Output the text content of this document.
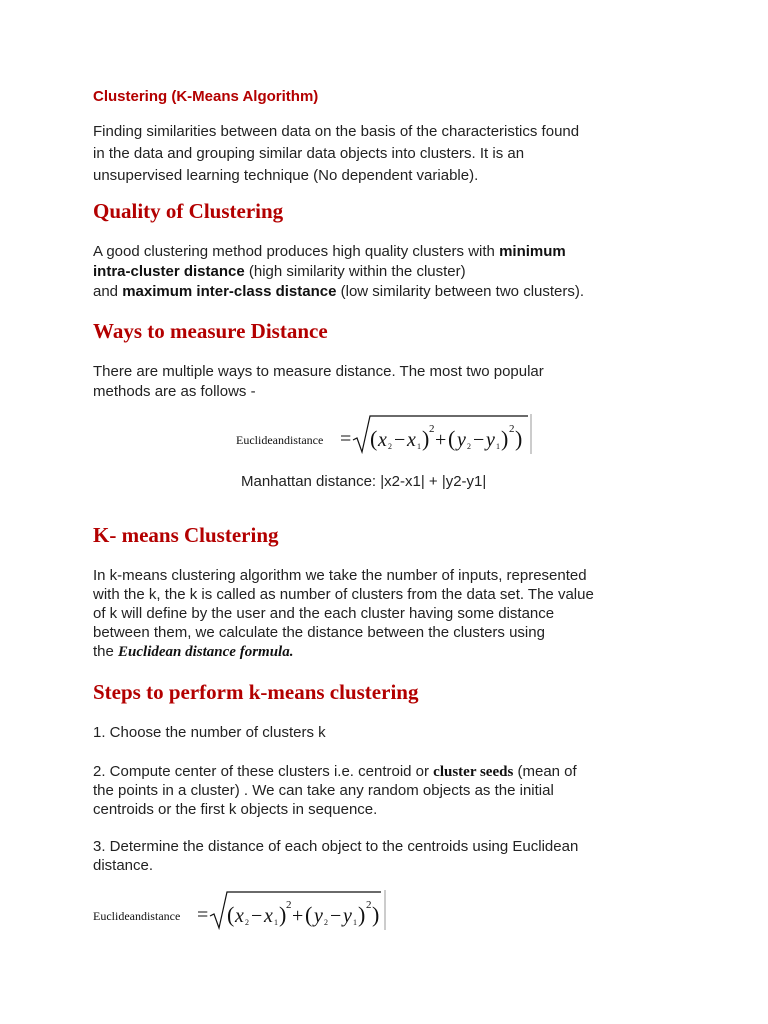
Clustering (K-Means Algorithm)
Finding similarities between data on the basis of the characteristics found
in the data and grouping similar data objects into clusters. It is an
unsupervised learning technique (No dependent variable).
Quality of Clustering
A good clustering method produces high quality clusters with minimum
intra-cluster distance (high similarity within the cluster)
and maximum inter-class distance (low similarity between two clusters).
Ways to measure Distance
There are multiple ways to measure distance. The most two popular
methods are as follows -
Euclideandistance = ( x 2 − x 1 ) 2 + ( y 2 − y 1 ) 2 )
Manhattan distance: |x2-x1| + |y2-y1|
K- means Clustering
In k-means clustering algorithm we take the number of inputs, represented
with the k, the k is called as number of clusters from the data set. The value
of k will define by the user and the each cluster having some distance
between them, we calculate the distance between the clusters using
the Euclidean distance formula.
Steps to perform k-means clustering
1. Choose the number of clusters k
2. Compute center of these clusters i.e. centroid or cluster seeds (mean of
the points in a cluster) . We can take any random objects as the initial
centroids or the first k objects in sequence.
3. Determine the distance of each object to the centroids using Euclidean
distance.
Euclideandistance = ( x 2 − x 1 ) 2 + ( y 2 − y 1 ) 2 )
